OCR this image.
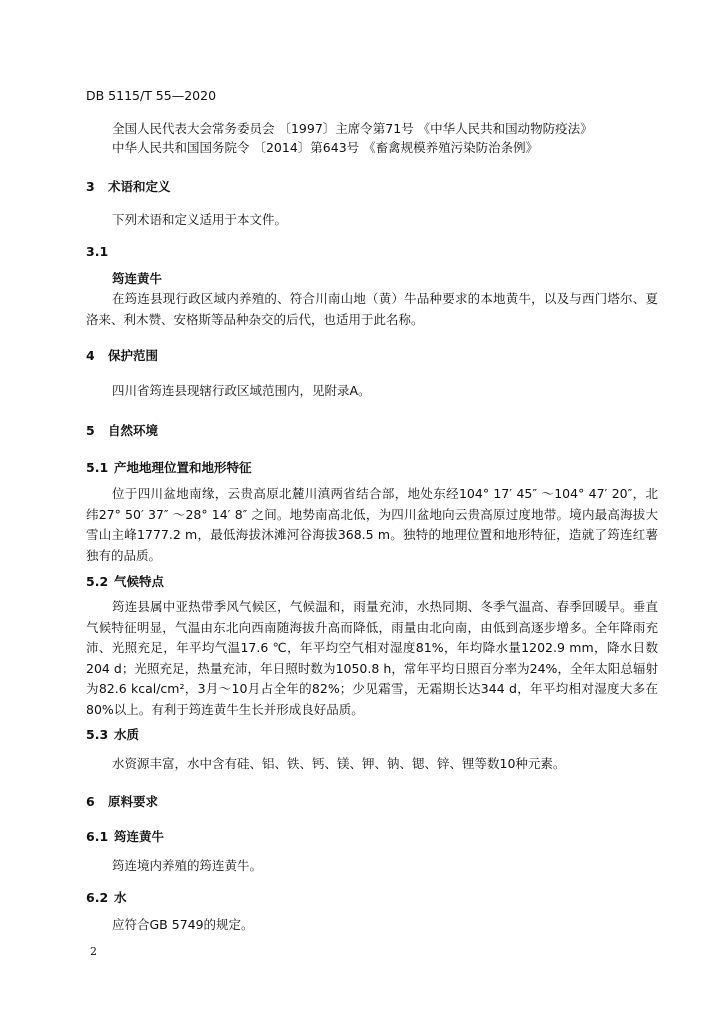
DB 5115/T 55—2020
全国人民代表大会常务委员会 〔1997〕主席令第71号 《中华人民共和国动物防疫法》
中华人民共和国国务院令 〔2014〕第643号 《畜禽规模养殖污染防治条例》
3 术语和定义
下列术语和定义适用于本文件。
3.1
筠连黄牛
在筠连县现行政区域内养殖的、符合川南山地（黄）牛品种要求的本地黄牛，以及与西门塔尔、夏洛来、利木赞、安格斯等品种杂交的后代，也适用于此名称。
4 保护范围
四川省筠连县现辖行政区域范围内，见附录A。
5 自然环境
5.1 产地地理位置和地形特征
位于四川盆地南缘，云贵高原北麓川滇两省结合部，地处东经104° 17′ 45″ ～104° 47′ 20″，北纬27° 50′ 37″ ～28° 14′ 8″ 之间。地势南高北低，为四川盆地向云贵高原过度地带。境内最高海拔大雪山主峰1777.2 m，最低海拔沐滩河谷海拔368.5 m。独特的地理位置和地形特征，造就了筠连红薯独有的品质。
5.2 气候特点
筠连县属中亚热带季风气候区，气候温和，雨量充沛，水热同期、冬季气温高、春季回暖早。垂直气候特征明显，气温由东北向西南随海拔升高而降低，雨量由北向南，由低到高逐步增多。全年降雨充沛、光照充足，年平均气温17.6 ℃，年平均空气相对湿度81%，年均降水量1202.9 mm，降水日数204 d；光照充足，热量充沛，年日照时数为1050.8 h，常年平均日照百分率为24%，全年太阳总辐射为82.6 kcal/cm²，3月～10月占全年的82%；少见霜雪，无霜期长达344 d，年平均相对湿度大多在80%以上。有利于筠连黄牛生长并形成良好品质。
5.3 水质
水资源丰富，水中含有硅、铝、铁、钙、镁、钾、钠、锶、锌、锂等数10种元素。
6 原料要求
6.1 筠连黄牛
筠连境内养殖的筠连黄牛。
6.2 水
应符合GB 5749的规定。
2
